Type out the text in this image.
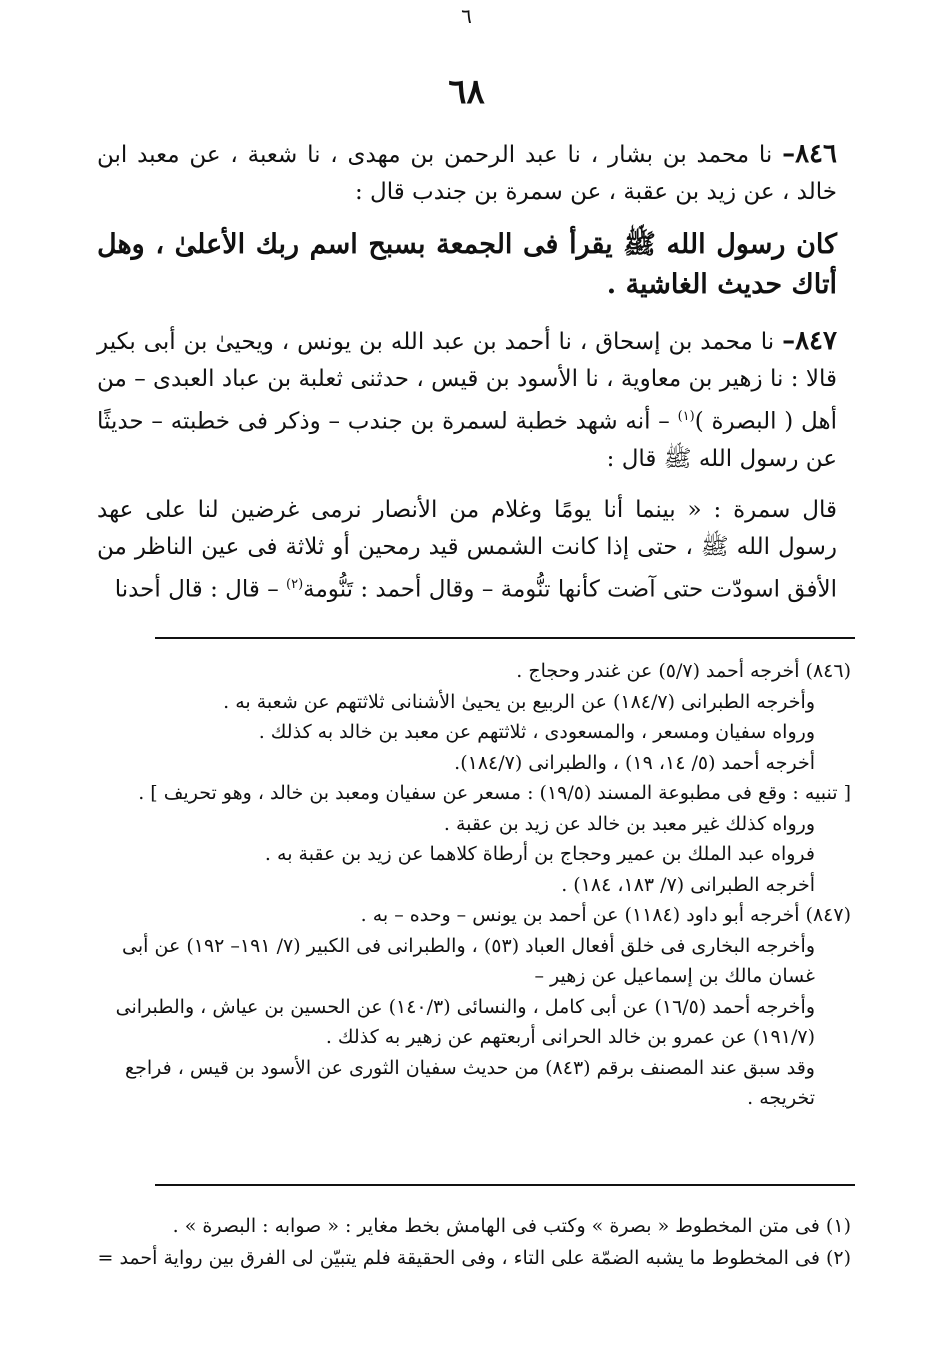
٦
٦٨

٨٤٦– نا محمد بن بشار ، نا عبد الرحمن بن مهدى ، نا شعبة ، عن معبد ابن خالد ، عن زيد بن عقبة ، عن سمرة بن جندب قال :

كان رسول الله ﷺ يقرأ فى الجمعة بسبح اسم ربك الأعلىٰ ، وهل أتاك حديث الغاشية .

٨٤٧– نا محمد بن إسحاق ، نا أحمد بن عبد الله بن يونس ، ويحيىٰ بن أبى بكير قالا : نا زهير بن معاوية ، نا الأسود بن قيس ، حدثنى ثعلبة بن عباد العبدى – من أهل ( البصرة )$^{(١)}$ – أنه شهد خطبة لسمرة بن جندب – وذكر فى خطبته – حديثًا عن رسول الله ﷺ قال :

قال سمرة : « بينما أنا يومًا وغلام من الأنصار نرمى غرضين لنا على عهد رسول الله ﷺ ، حتى إذا كانت الشمس قيد رمحين أو ثلاثة فى عين الناظر من الأفق اسودّت حتى آضت كأنها تنُّومة – وقال أحمد : تَنُّومة$^{(٢)}$ – قال : قال أحدنا

(٨٤٦) أخرجه أحمد (٥/٧) عن غندر وحجاج .

وأخرجه الطبرانى (١٨٤/٧) عن الربيع بن يحيىٰ الأشنانى ثلاثتهم عن شعبة به .

ورواه سفيان ومسعر ، والمسعودى ، ثلاثتهم عن معبد بن خالد به كذلك .

أخرجه أحمد (٥/ ١٤، ١٩) ، والطبرانى (١٨٤/٧).

[ تنبيه : وقع فى مطبوعة المسند (١٩/٥) : مسعر عن سفيان ومعبد بن خالد ، وهو تحريف ] .

ورواه كذلك غير معبد بن خالد عن زيد بن عقبة .

فرواه عبد الملك بن عمير وحجاج بن أرطاة كلاهما عن زيد بن عقبة به .

أخرجه الطبرانى (٧/ ١٨٣، ١٨٤) .

(٨٤٧) أخرجه أبو داود (١١٨٤) عن أحمد بن يونس – وحده – به .

وأخرجه البخارى فى خلق أفعال العباد (٥٣) ، والطبرانى فى الكبير (٧/ ١٩١– ١٩٢) عن أبى غسان مالك بن إسماعيل عن زهير –

وأخرجه أحمد (١٦/٥) عن أبى كامل ، والنسائى (١٤٠/٣) عن الحسين بن عياش ، والطبرانى (١٩١/٧) عن عمرو بن خالد الحرانى أربعتهم عن زهير به كذلك .

وقد سبق عند المصنف برقم (٨٤٣) من حديث سفيان الثورى عن الأسود بن قيس ، فراجع تخريجه .

(١) فى متن المخطوط « بصرة » وكتب فى الهامش بخط مغاير : « صوابه : البصرة » .

(٢) فى المخطوط ما يشبه الضمّة على التاء ، وفى الحقيقة فلم يتبيّن لى الفرق بين رواية أحمد =
